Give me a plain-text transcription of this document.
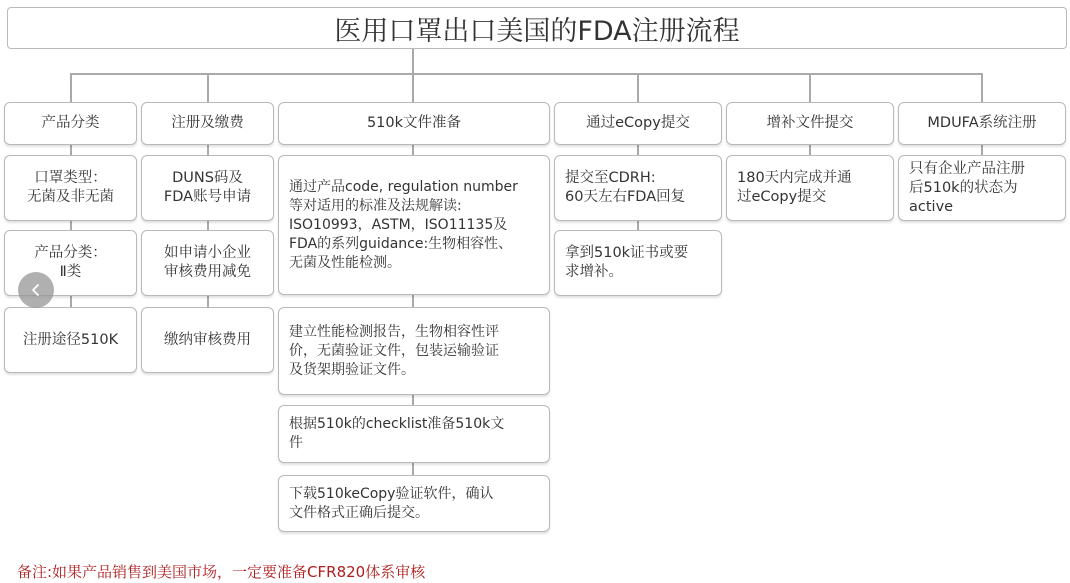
医用口罩出口美国的FDA注册流程
产品分类
口罩类型：
无菌及非无菌
产品分类：
Ⅱ类
注册途径510K
注册及缴费
DUNS码及
FDA账号申请
如申请小企业
审核费用减免
缴纳审核费用
510k文件准备
通过产品code, regulation number
等对适用的标准及法规解读:
ISO10993，ASTM，ISO11135及
FDA的系列guidance:生物相容性、
无菌及性能检测。
建立性能检测报告，生物相容性评
价，无菌验证文件，包装运输验证
及货架期验证文件。
根据510k的checklist准备510k文
件
下载510keCopy验证软件，确认
文件格式正确后提交。
通过eCopy提交
提交至CDRH:
60天左右FDA回复
拿到510k证书或要
求增补。
增补文件提交
180天内完成并通
过eCopy提交
MDUFA系统注册
只有企业产品注册
后510k的状态为
active
备注:如果产品销售到美国市场，一定要准备CFR820体系审核
